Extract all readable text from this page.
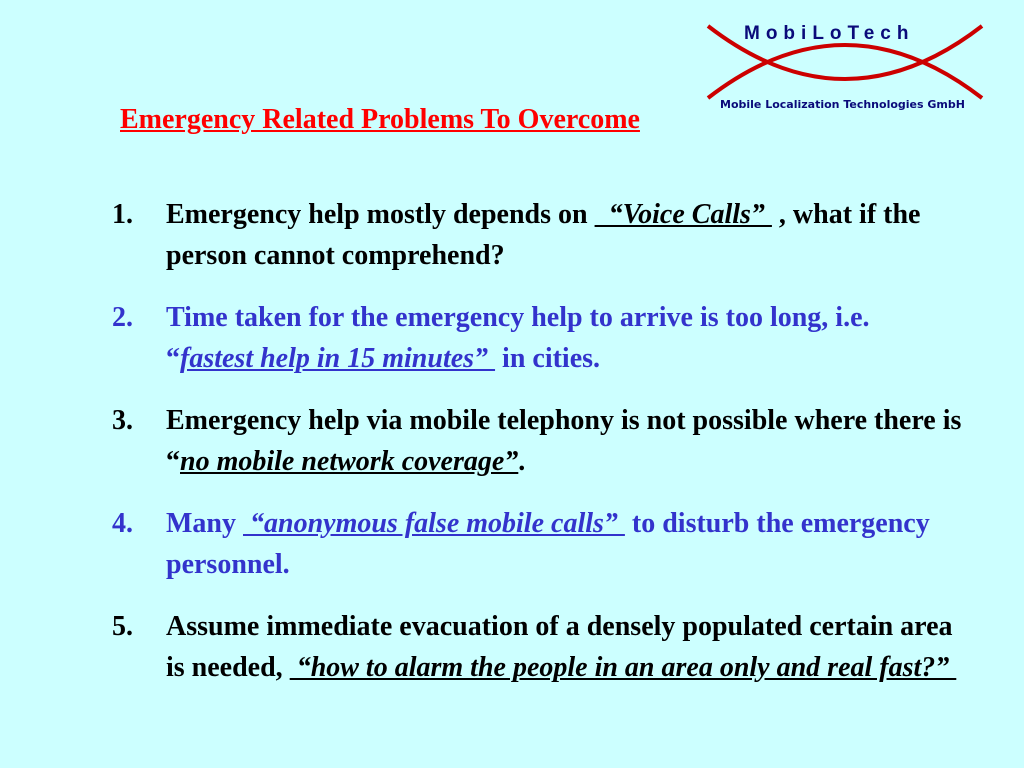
MobiLoTech
Mobile Localization Technologies GmbH
Emergency Related Problems To Overcome
1. Emergency help mostly depends on   “Voice Calls”  , what if the person cannot comprehend?
2. Time taken for the emergency help to arrive is too long, i.e. “fastest help in 15 minutes”  in cities.
3. Emergency help via mobile telephony is not possible where there is “no mobile network coverage”.
4. Many  “anonymous false mobile calls”  to disturb the emergency personnel.
5. Assume immediate evacuation of a densely populated certain area is needed,  “how to alarm the people in an area only and real fast?”
